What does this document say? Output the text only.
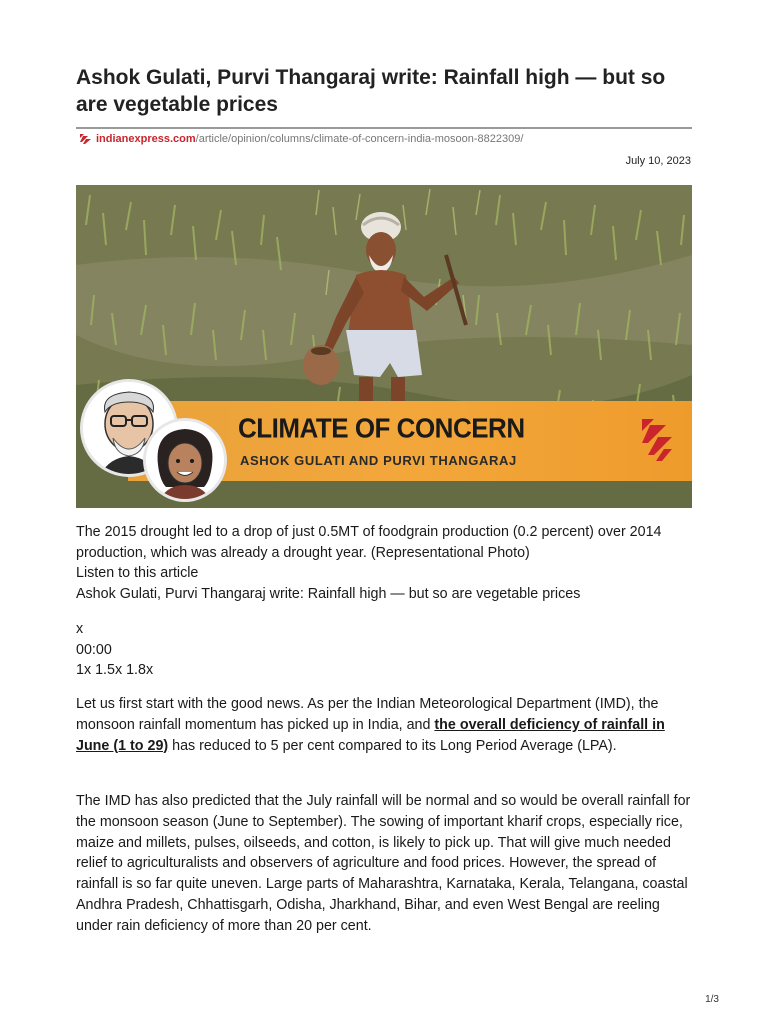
Ashok Gulati, Purvi Thangaraj write: Rainfall high — but so are vegetable prices
indianexpress.com/article/opinion/columns/climate-of-concern-india-mosoon-8822309/
July 10, 2023
CLIMATE OF CONCERN
ASHOK GULATI AND PURVI THANGARAJ
The 2015 drought led to a drop of just 0.5MT of foodgrain production (0.2 percent) over 2014 production, which was already a drought year. (Representational Photo)
Listen to this article
Ashok Gulati, Purvi Thangaraj write: Rainfall high — but so are vegetable prices
x
00:00
1x 1.5x 1.8x

Let us first start with the good news. As per the Indian Meteorological Department (IMD), the monsoon rainfall momentum has picked up in India, and the overall deficiency of rainfall in June (1 to 29) has reduced to 5 per cent compared to its Long Period Average (LPA).

The IMD has also predicted that the July rainfall will be normal and so would be overall rainfall for the monsoon season (June to September). The sowing of important kharif crops, especially rice, maize and millets, pulses, oilseeds, and cotton, is likely to pick up. That will give much needed relief to agriculturalists and observers of agriculture and food prices. However, the spread of rainfall is so far quite uneven. Large parts of Maharashtra, Karnataka, Kerala, Telangana, coastal Andhra Pradesh, Chhattisgarh, Odisha, Jharkhand, Bihar, and even West Bengal are reeling under rain deficiency of more than 20 per cent.

1/3
